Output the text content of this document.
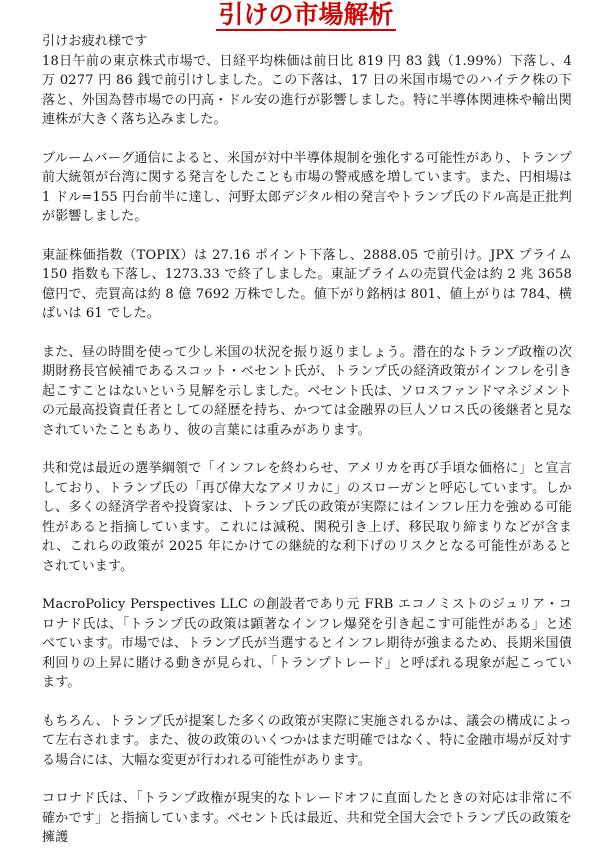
引けの市場解析

引けお疲れ様です
18日午前の東京株式市場で、日経平均株価は前日比 819 円 83 銭（1.99%）下落し、4 万 0277 円 86 銭で前引けしました。この下落は、17 日の米国市場でのハイテク株の下落と、外国為替市場での円高・ドル安の進行が影響しました。特に半導体関連株や輸出関連株が大きく落ち込みました。

ブルームバーグ通信によると、米国が対中半導体規制を強化する可能性があり、トランプ前大統領が台湾に関する発言をしたことも市場の警戒感を増しています。また、円相場は 1 ドル=155 円台前半に達し、河野太郎デジタル相の発言やトランプ氏のドル高是正批判が影響しました。

東証株価指数（TOPIX）は 27.16 ポイント下落し、2888.05 で前引け。JPX プライム 150 指数も下落し、1273.33 で終了しました。東証プライムの売買代金は約 2 兆 3658 億円で、売買高は約 8 億 7692 万株でした。値下がり銘柄は 801、値上がりは 784、横ばいは 61 でした。

また、昼の時間を使って少し米国の状況を振り返りましょう。潜在的なトランプ政権の次期財務長官候補であるスコット・ベセント氏が、トランプ氏の経済政策がインフレを引き起こすことはないという見解を示しました。ベセント氏は、ソロスファンドマネジメントの元最高投資責任者としての経歴を持ち、かつては金融界の巨人ソロス氏の後継者と見なされていたこともあり、彼の言葉には重みがあります。

共和党は最近の選挙綱領で「インフレを終わらせ、アメリカを再び手頃な価格に」と宣言しており、トランプ氏の「再び偉大なアメリカに」のスローガンと呼応しています。しかし、多くの経済学者や投資家は、トランプ氏の政策が実際にはインフレ圧力を強める可能性があると指摘しています。これには減税、関税引き上げ、移民取り締まりなどが含まれ、これらの政策が 2025 年にかけての継続的な利下げのリスクとなる可能性があるとされています。

MacroPolicy Perspectives LLC の創設者であり元 FRB エコノミストのジュリア・コロナド氏は、「トランプ氏の政策は顕著なインフレ爆発を引き起こす可能性がある」と述べています。市場では、トランプ氏が当選するとインフレ期待が強まるため、長期米国債利回りの上昇に賭ける動きが見られ、「トランプトレード」と呼ばれる現象が起こっています。

もちろん、トランプ氏が提案した多くの政策が実際に実施されるかは、議会の構成によって左右されます。また、彼の政策のいくつかはまだ明確ではなく、特に金融市場が反対する場合には、大幅な変更が行われる可能性があります。

コロナド氏は、「トランプ政権が現実的なトレードオフに直面したときの対応は非常に不確かです」と指摘しています。ベセント氏は最近、共和党全国大会でトランプ氏の政策を擁護
